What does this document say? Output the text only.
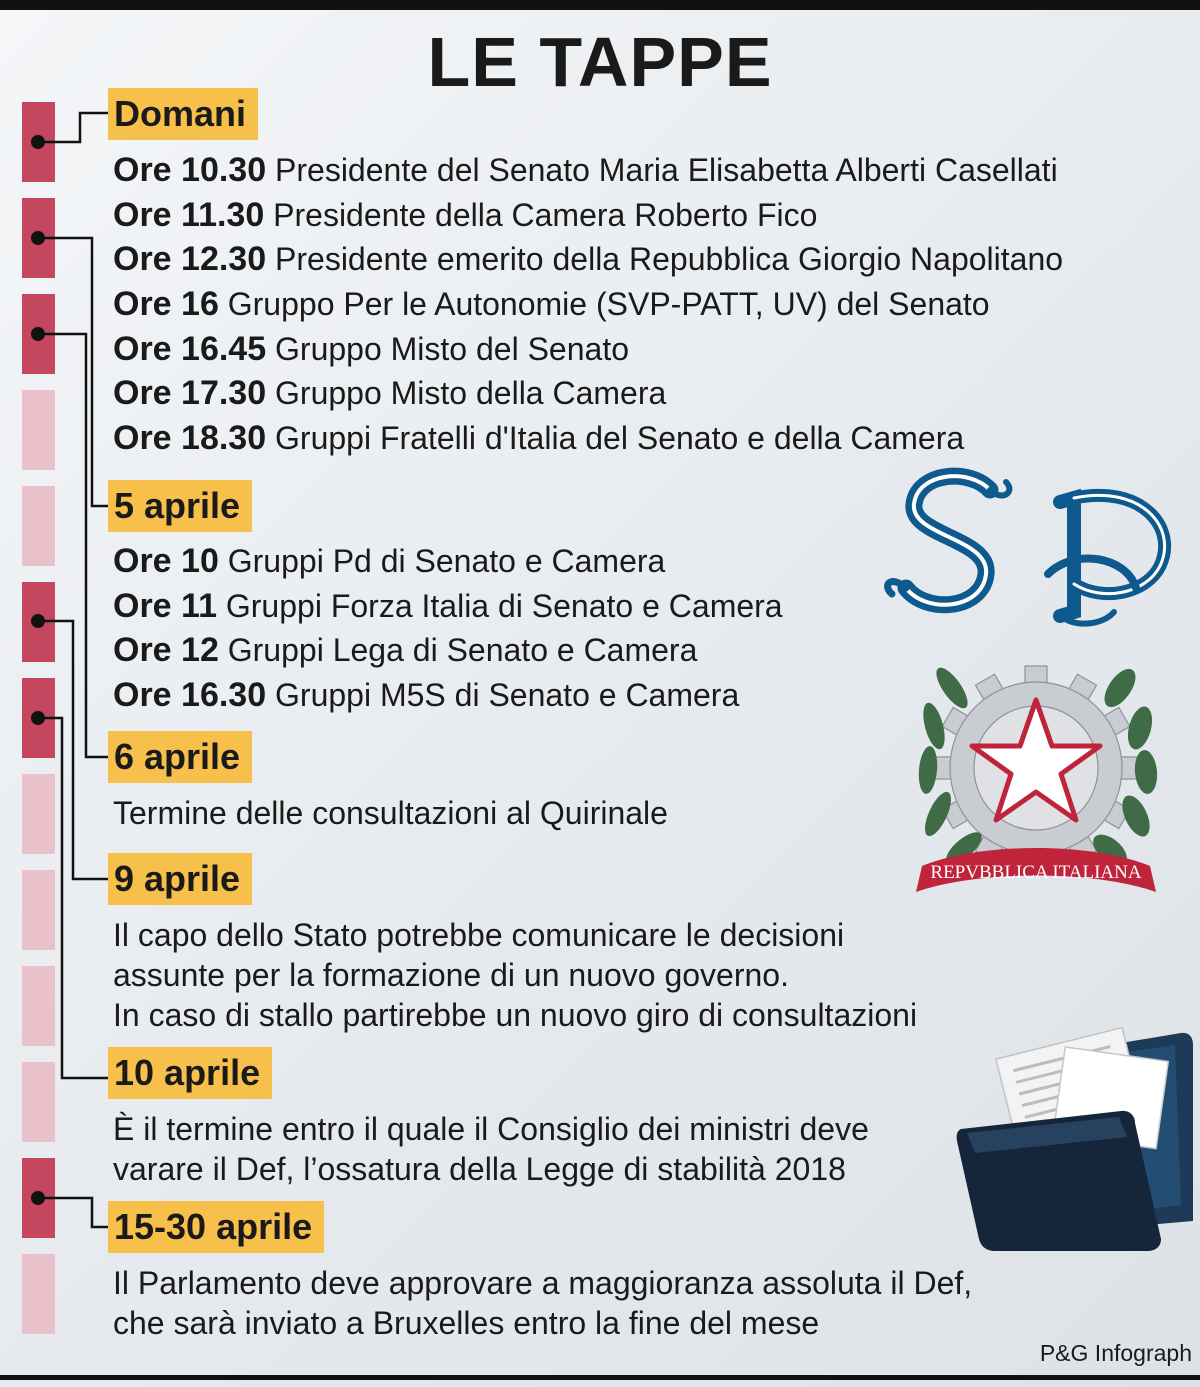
LE TAPPE
Domani
Ore 10.30 Presidente del Senato Maria Elisabetta Alberti Casellati
Ore 11.30 Presidente della Camera Roberto Fico
Ore 12.30 Presidente emerito della Repubblica Giorgio Napolitano
Ore 16 Gruppo Per le Autonomie (SVP-PATT, UV) del Senato
Ore 16.45 Gruppo Misto del Senato
Ore 17.30 Gruppo Misto della Camera
Ore 18.30 Gruppi Fratelli d'Italia del Senato e della Camera
5 aprile
Ore 10 Gruppi Pd di Senato e Camera
Ore 11 Gruppi Forza Italia di Senato e Camera
Ore 12 Gruppi Lega di Senato e Camera
Ore 16.30 Gruppi M5S di Senato e Camera
6 aprile
Termine delle consultazioni al Quirinale
9 aprile
Il capo dello Stato potrebbe comunicare le decisioni
assunte per la formazione di un nuovo governo.
In caso di stallo partirebbe un nuovo giro di consultazioni
10 aprile
È il termine entro il quale il Consiglio dei ministri deve
varare il Def, l’ossatura della Legge di stabilità 2018
15-30 aprile
Il Parlamento deve approvare a maggioranza assoluta il Def,
che sarà inviato a Bruxelles entro la fine del mese
REPVBBLICA ITALIANA
P&G Infograph
